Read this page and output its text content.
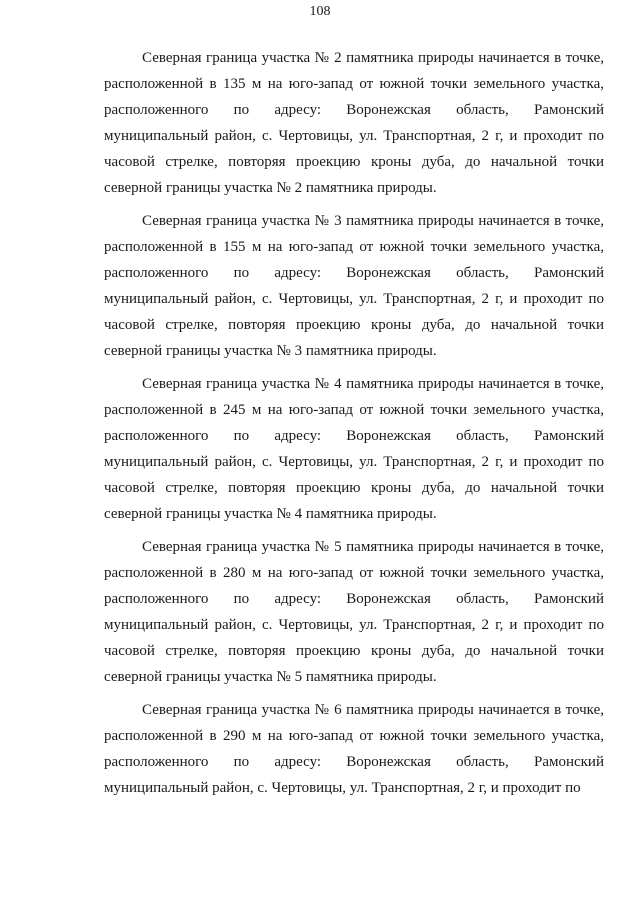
108

Северная граница участка № 2 памятника природы начинается в точке, расположенной в 135 м на юго-запад от южной точки земельного участка, расположенного по адресу: Воронежская область, Рамонский муниципальный район, с. Чертовицы, ул. Транспортная, 2 г, и проходит по часовой стрелке, повторяя проекцию кроны дуба, до начальной точки северной границы участка № 2 памятника природы.

Северная граница участка № 3 памятника природы начинается в точке, расположенной в 155 м на юго-запад от южной точки земельного участка, расположенного по адресу: Воронежская область, Рамонский муниципальный район, с. Чертовицы, ул. Транспортная, 2 г, и проходит по часовой стрелке, повторяя проекцию кроны дуба, до начальной точки северной границы участка № 3 памятника природы.

Северная граница участка № 4 памятника природы начинается в точке, расположенной в 245 м на юго-запад от южной точки земельного участка, расположенного по адресу: Воронежская область, Рамонский муниципальный район, с. Чертовицы, ул. Транспортная, 2 г, и проходит по часовой стрелке, повторяя проекцию кроны дуба, до начальной точки северной границы участка № 4 памятника природы.

Северная граница участка № 5 памятника природы начинается в точке, расположенной в 280 м на юго-запад от южной точки земельного участка, расположенного по адресу: Воронежская область, Рамонский муниципальный район, с. Чертовицы, ул. Транспортная, 2 г, и проходит по часовой стрелке, повторяя проекцию кроны дуба, до начальной точки северной границы участка № 5 памятника природы.

Северная граница участка № 6 памятника природы начинается в точке, расположенной в 290 м на юго-запад от южной точки земельного участка, расположенного по адресу: Воронежская область, Рамонский муниципальный район, с. Чертовицы, ул. Транспортная, 2 г, и проходит по
